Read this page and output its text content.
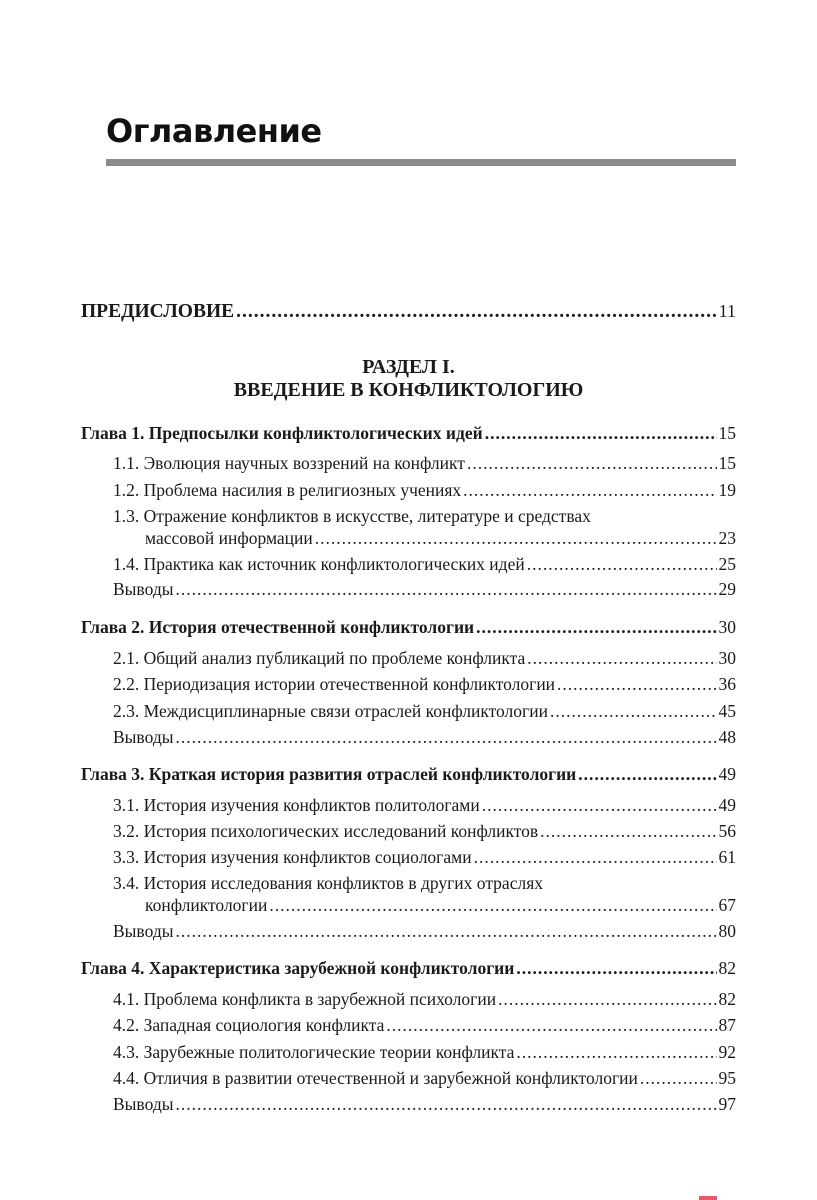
Оглавление
ПРЕДИСЛОВИЕ .....	11
РАЗДЕЛ I.
ВВЕДЕНИЕ В КОНФЛИКТОЛОГИЮ
Глава 1. Предпосылки конфликтологических идей .....	15
1.1. Эволюция научных воззрений на конфликт .....	15
1.2. Проблема насилия в религиозных учениях .....	19
1.3. Отражение конфликтов в искусстве, литературе и средствах
массовой информации .....	23
1.4. Практика как источник конфликтологических идей .....	25
Выводы .....	29
Глава 2. История отечественной конфликтологии .....	30
2.1. Общий анализ публикаций по проблеме конфликта .....	30
2.2. Периодизация истории отечественной конфликтологии .....	36
2.3. Междисциплинарные связи отраслей конфликтологии .....	45
Выводы .....	48
Глава 3. Краткая история развития отраслей конфликтологии .....	49
3.1. История изучения конфликтов политологами .....	49
3.2. История психологических исследований конфликтов .....	56
3.3. История изучения конфликтов социологами .....	61
3.4. История исследования конфликтов в других отраслях
конфликтологии .....	67
Выводы .....	80
Глава 4. Характеристика зарубежной конфликтологии .....	82
4.1. Проблема конфликта в зарубежной психологии .....	82
4.2. Западная социология конфликта .....	87
4.3. Зарубежные политологические теории конфликта .....	92
4.4. Отличия в развитии отечественной и зарубежной конфликтологии .....	95
Выводы .....	97
